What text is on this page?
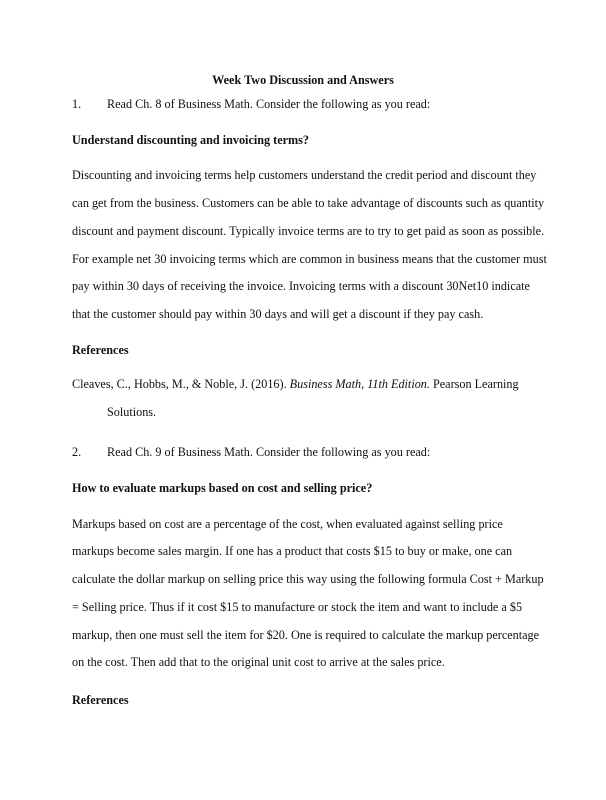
Week Two Discussion and Answers
1. Read Ch. 8 of Business Math. Consider the following as you read:
Understand discounting and invoicing terms?
Discounting and invoicing terms help customers understand the credit period and discount they
can get from the business. Customers can be able to take advantage of discounts such as quantity
discount and payment discount. Typically invoice terms are to try to get paid as soon as possible.
For example net 30 invoicing terms which are common in business means that the customer must
pay within 30 days of receiving the invoice. Invoicing terms with a discount 30Net10 indicate
that the customer should pay within 30 days and will get a discount if they pay cash.
References
Cleaves, C., Hobbs, M., & Noble, J. (2016). Business Math, 11th Edition. Pearson Learning
Solutions.
2. Read Ch. 9 of Business Math. Consider the following as you read:
How to evaluate markups based on cost and selling price?
Markups based on cost are a percentage of the cost, when evaluated against selling price
markups become sales margin. If one has a product that costs $15 to buy or make, one can
calculate the dollar markup on selling price this way using the following formula Cost + Markup
= Selling price. Thus if it cost $15 to manufacture or stock the item and want to include a $5
markup, then one must sell the item for $20. One is required to calculate the markup percentage
on the cost. Then add that to the original unit cost to arrive at the sales price.
References
